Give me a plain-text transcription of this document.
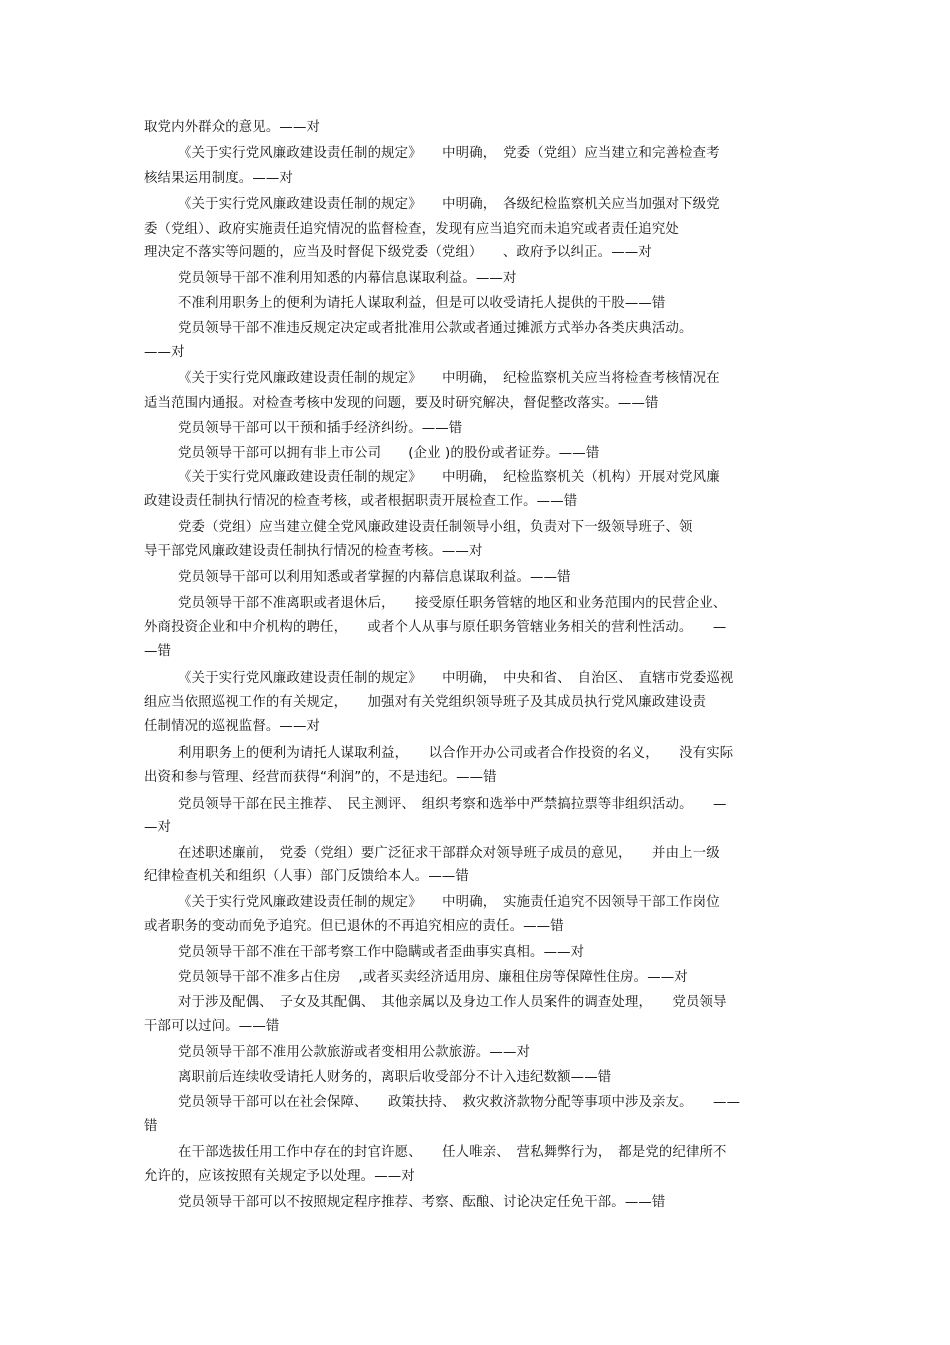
取党内外群众的意见。——对
《关于实行党风廉政建设责任制的规定》　　中明确，　党委（党组）应当建立和完善检查考
核结果运用制度。——对
《关于实行党风廉政建设责任制的规定》　　中明确，　各级纪检监察机关应当加强对下级党
委（党组）、政府实施责任追究情况的监督检查，发现有应当追究而未追究或者责任追究处
理决定不落实等问题的，应当及时督促下级党委（党组）　　、政府予以纠正。——对
党员领导干部不准利用知悉的内幕信息谋取利益。——对
不准利用职务上的便利为请托人谋取利益，但是可以收受请托人提供的干股——错
党员领导干部不准违反规定决定或者批准用公款或者通过摊派方式举办各类庆典活动。
——对
《关于实行党风廉政建设责任制的规定》　　中明确，　纪检监察机关应当将检查考核情况在
适当范围内通报。对检查考核中发现的问题，要及时研究解决，督促整改落实。——错
党员领导干部可以干预和插手经济纠纷。——错
党员领导干部可以拥有非上市公司　　(企业 )的股份或者证券。——错
《关于实行党风廉政建设责任制的规定》　　中明确，　纪检监察机关（机构）开展对党风廉
政建设责任制执行情况的检查考核，或者根据职责开展检查工作。——错
党委（党组）应当建立健全党风廉政建设责任制领导小组，负责对下一级领导班子、领
导干部党风廉政建设责任制执行情况的检查考核。——对
党员领导干部可以利用知悉或者掌握的内幕信息谋取利益。——错
党员领导干部不准离职或者退休后，　　接受原任职务管辖的地区和业务范围内的民营企业、
外商投资企业和中介机构的聘任，　　或者个人从事与原任职务管辖业务相关的营利性活动。　　—
—错
《关于实行党风廉政建设责任制的规定》　　中明确，　中央和省、　自治区、　直辖市党委巡视
组应当依照巡视工作的有关规定，　　加强对有关党组织领导班子及其成员执行党风廉政建设责
任制情况的巡视监督。——对
利用职务上的便利为请托人谋取利益，　　以合作开办公司或者合作投资的名义，　　没有实际
出资和参与管理、经营而获得“利润”的，不是违纪。——错
党员领导干部在民主推荐、　民主测评、　组织考察和选举中严禁搞拉票等非组织活动。　　—
—对
在述职述廉前，　党委（党组）要广泛征求干部群众对领导班子成员的意见，　　并由上一级
纪律检查机关和组织（人事）部门反馈给本人。——错
《关于实行党风廉政建设责任制的规定》　　中明确，　实施责任追究不因领导干部工作岗位
或者职务的变动而免予追究。但已退休的不再追究相应的责任。——错
党员领导干部不准在干部考察工作中隐瞒或者歪曲事实真相。——对
党员领导干部不准多占住房　 ,或者买卖经济适用房、廉租住房等保障性住房。——对
对于涉及配偶、　子女及其配偶、　其他亲属以及身边工作人员案件的调查处理，　　党员领导
干部可以过问。——错
党员领导干部不准用公款旅游或者变相用公款旅游。——对
离职前后连续收受请托人财务的，离职后收受部分不计入违纪数额——错
党员领导干部可以在社会保障、　　政策扶持、　救灾救济款物分配等事项中涉及亲友。　　——
错
在干部选拔任用工作中存在的封官许愿、　　任人唯亲、　营私舞弊行为，　都是党的纪律所不
允许的，应该按照有关规定予以处理。——对
党员领导干部可以不按照规定程序推荐、考察、酝酿、讨论决定任免干部。——错
